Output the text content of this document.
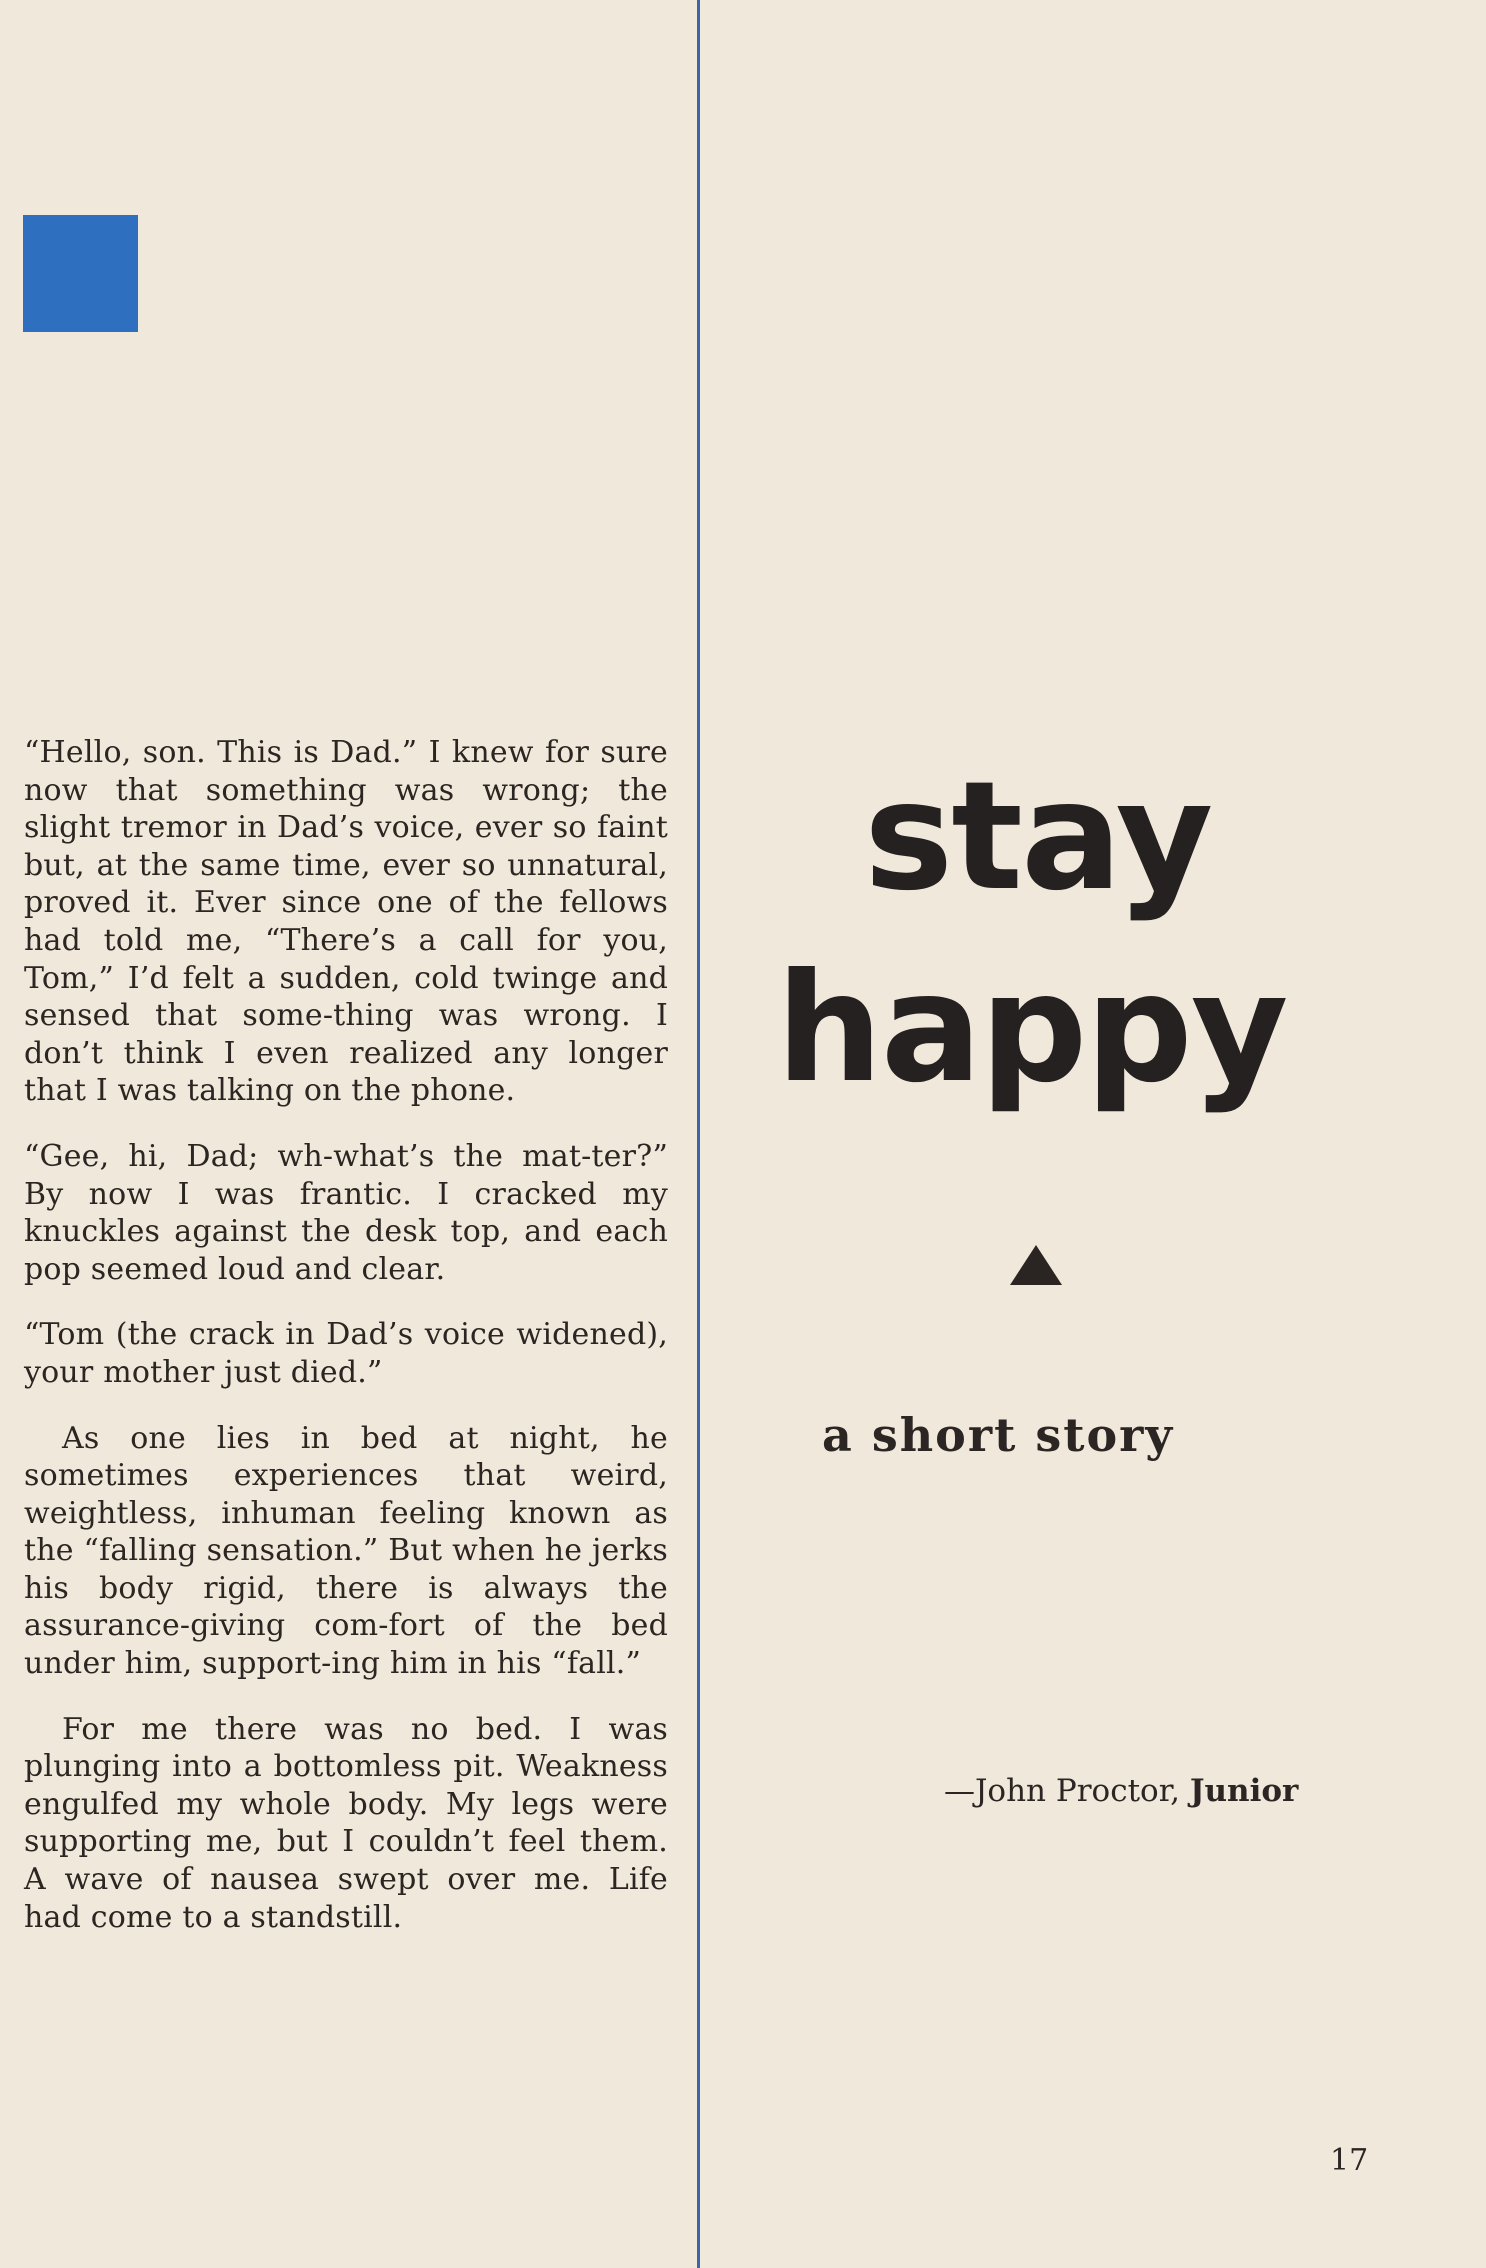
“Hello, son. This is Dad.” I knew for sure now that something was wrong; the slight tremor in Dad’s voice, ever so faint but, at the same time, ever so unnatural, proved it. Ever since one of the fellows had told me, “There’s a call for you, Tom,” I’d felt a sudden, cold twinge and sensed that some-thing was wrong. I don’t think I even realized any longer that I was talking on the phone.

“Gee, hi, Dad; wh-what’s the mat-ter?” By now I was frantic. I cracked my knuckles against the desk top, and each pop seemed loud and clear.

“Tom (the crack in Dad’s voice widened), your mother just died.”

As one lies in bed at night, he sometimes experiences that weird, weightless, inhuman feeling known as the “falling sensation.” But when he jerks his body rigid, there is always the assurance-giving com-fort of the bed under him, support-ing him in his “fall.”

For me there was no bed. I was plunging into a bottomless pit. Weakness engulfed my whole body. My legs were supporting me, but I couldn’t feel them. A wave of nausea swept over me. Life had come to a standstill.

stay
happy
a short story
—John Proctor, Junior
17
